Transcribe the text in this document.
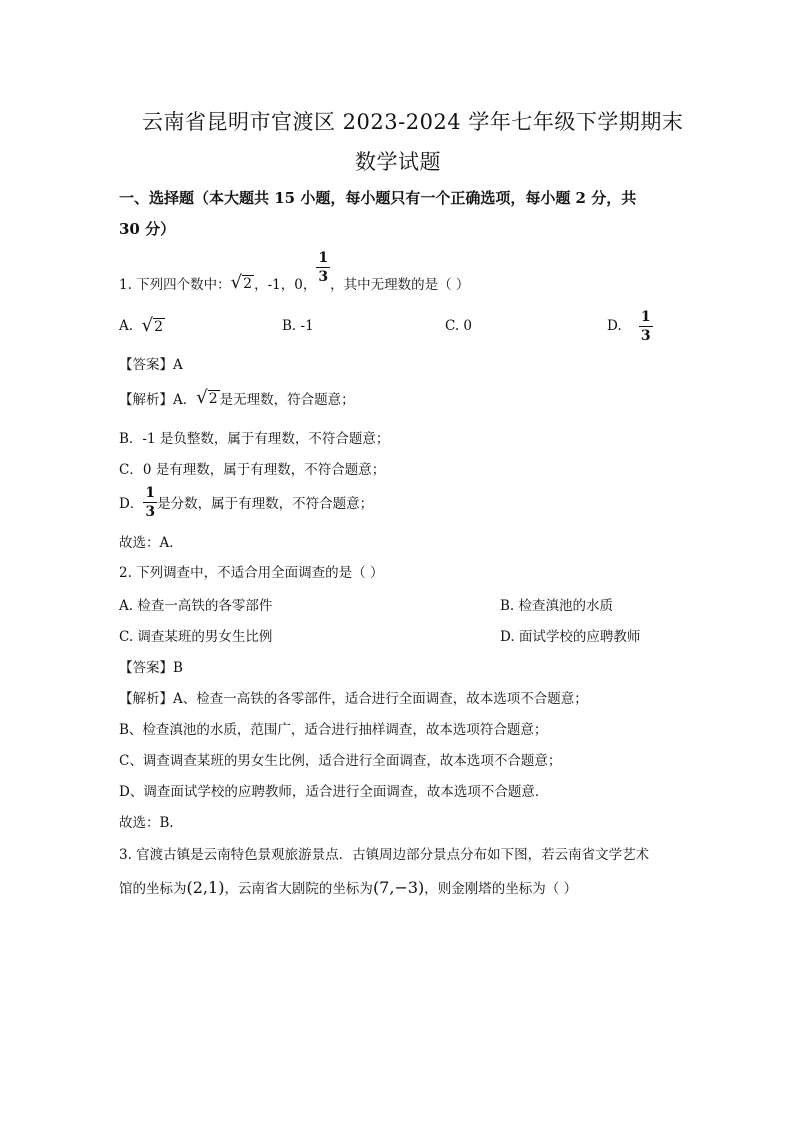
云南省昆明市官渡区 2023-2024 学年七年级下学期期末
数学试题
一、选择题（本大题共 15 小题，每小题只有一个正确选项，每小题 2 分，共
30 分）
1. 下列四个数中： √ 2 ，-1，0，
$\frac{1}{3}$
，其中无理数的是（ ）
A.
√ 2	B. -1	C. 0	D.
$\frac{1}{3}$
【答案】A
【解析】A． √ 2 是无理数，符合题意；
B．-1 是负整数，属于有理数，不符合题意；
C．0 是有理数，属于有理数，不符合题意；
D． $\frac{1}{3}$ 是分数，属于有理数，不符合题意；
故选：A．
2. 下列调查中，不适合用全面调查的是（ ）
A. 检查一高铁的各零部件	B. 检查滇池的水质
C. 调查某班的男女生比例	D. 面试学校的应聘教师
【答案】B
【解析】A、检查一高铁的各零部件，适合进行全面调查，故本选项不合题意；
B、检查滇池的水质，范围广，适合进行抽样调查，故本选项符合题意；
C、调查调查某班的男女生比例，适合进行全面调查，故本选项不合题意；
D、调查面试学校的应聘教师，适合进行全面调查，故本选项不合题意．
故选：B．
3. 官渡古镇是云南特色景观旅游景点．古镇周边部分景点分布如下图，若云南省文学艺术
馆的坐标为 (2,1) ，云南省大剧院的坐标为 (7,−3) ，则金刚塔的坐标为（ ）
